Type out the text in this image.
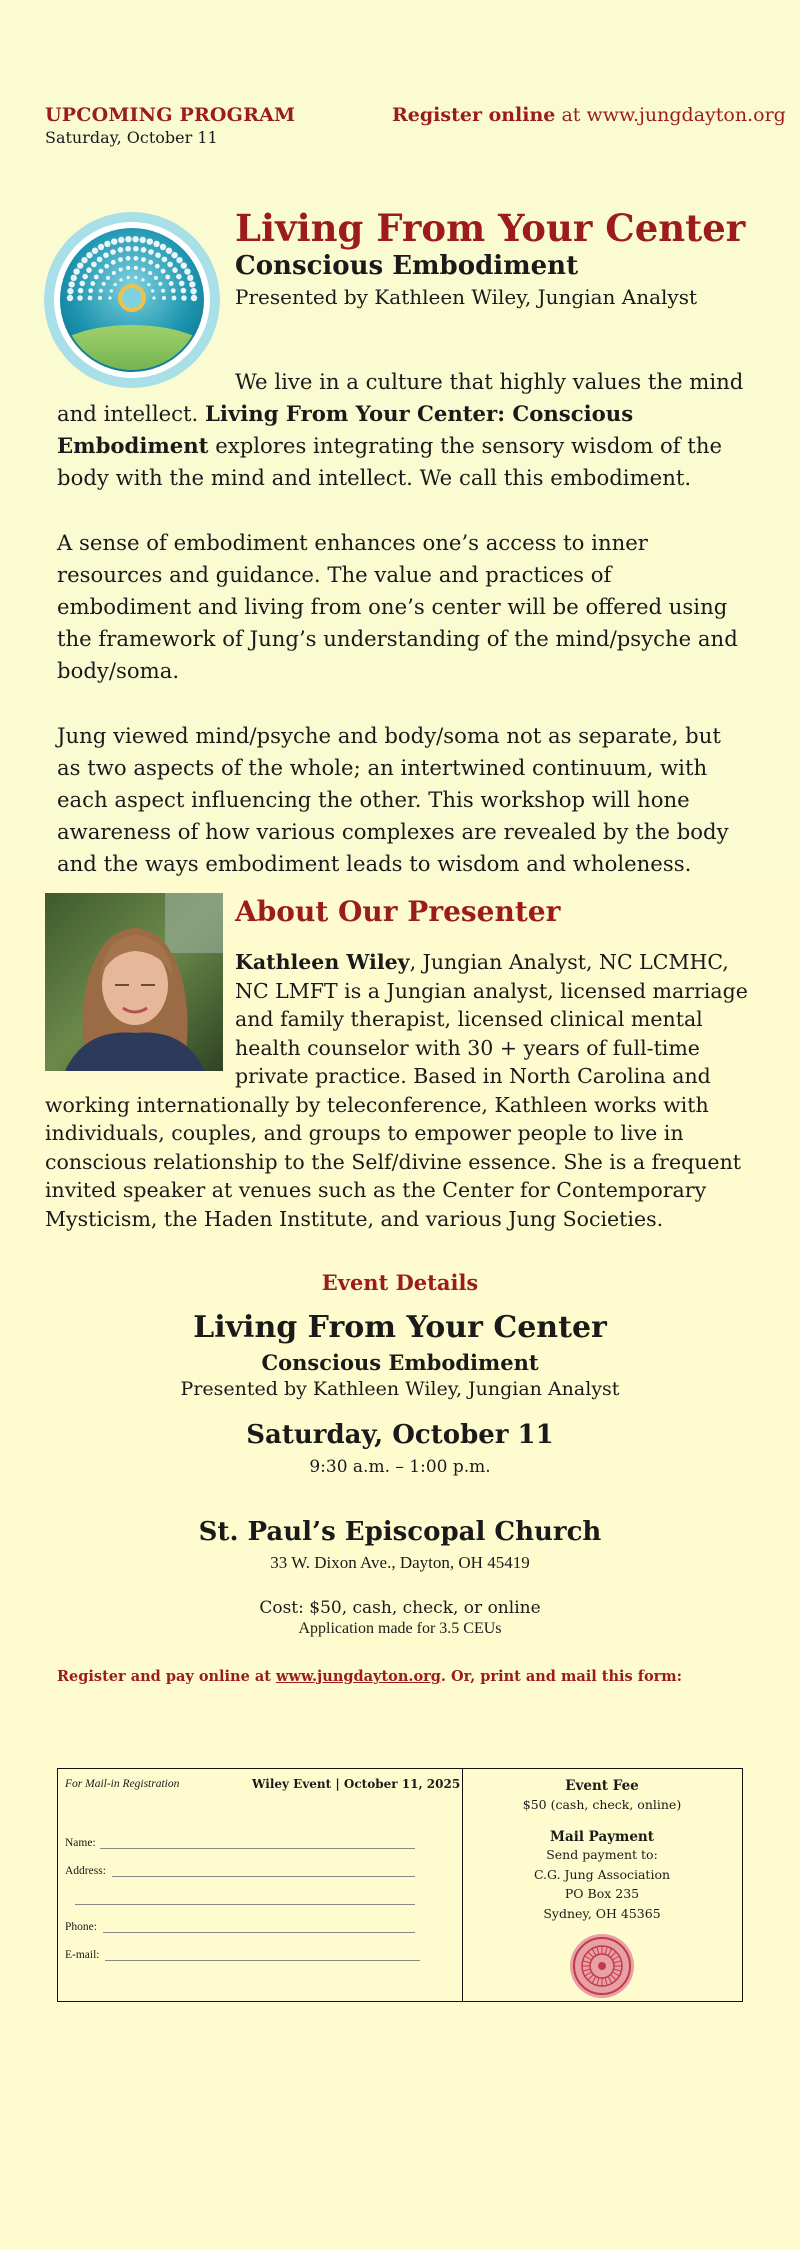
UPCOMING PROGRAM
Saturday, October 11
Register online at www.jungdayton.org
Living From Your Center
Conscious Embodiment
Presented by Kathleen Wiley, Jungian Analyst

We live in a culture that highly values the mind and intellect. Living From Your Center: Conscious Embodiment explores integrating the sensory wisdom of the body with the mind and intellect. We call this embodiment.

A sense of embodiment enhances one’s access to inner resources and guidance. The value and practices of embodiment and living from one’s center will be offered using the framework of Jung’s understanding of the mind/psyche and body/soma.

Jung viewed mind/psyche and body/soma not as separate, but as two aspects of the whole; an intertwined continuum, with each aspect influencing the other. This workshop will hone awareness of how various complexes are revealed by the body and the ways embodiment leads to wisdom and wholeness.

About Our Presenter
Kathleen Wiley, Jungian Analyst, NC LCMHC, NC LMFT is a Jungian analyst, licensed marriage and family therapist, licensed clinical mental health counselor with 30 + years of full-time private practice. Based in North Carolina and working internationally by teleconference, Kathleen works with individuals, couples, and groups to empower people to live in conscious relationship to the Self/divine essence. She is a frequent invited speaker at venues such as the Center for Contemporary Mysticism, the Haden Institute, and various Jung Societies.
Event Details
Living From Your Center
Conscious Embodiment
Presented by Kathleen Wiley, Jungian Analyst
Saturday, October 11
9:30 a.m. – 1:00 p.m.
St. Paul’s Episcopal Church
33 W. Dixon Ave., Dayton, OH 45419
Cost: $50, cash, check, or online
Application made for 3.5 CEUs
Register and pay online at www.jungdayton.org. Or, print and mail this form:
For Mail-in Registration	Wiley Event | October 11, 2025
Name:
Address:
Phone:
E-mail:
Event Fee
$50 (cash, check, online)
Mail Payment
Send payment to:
C.G. Jung Association
PO Box 235
Sydney, OH 45365
